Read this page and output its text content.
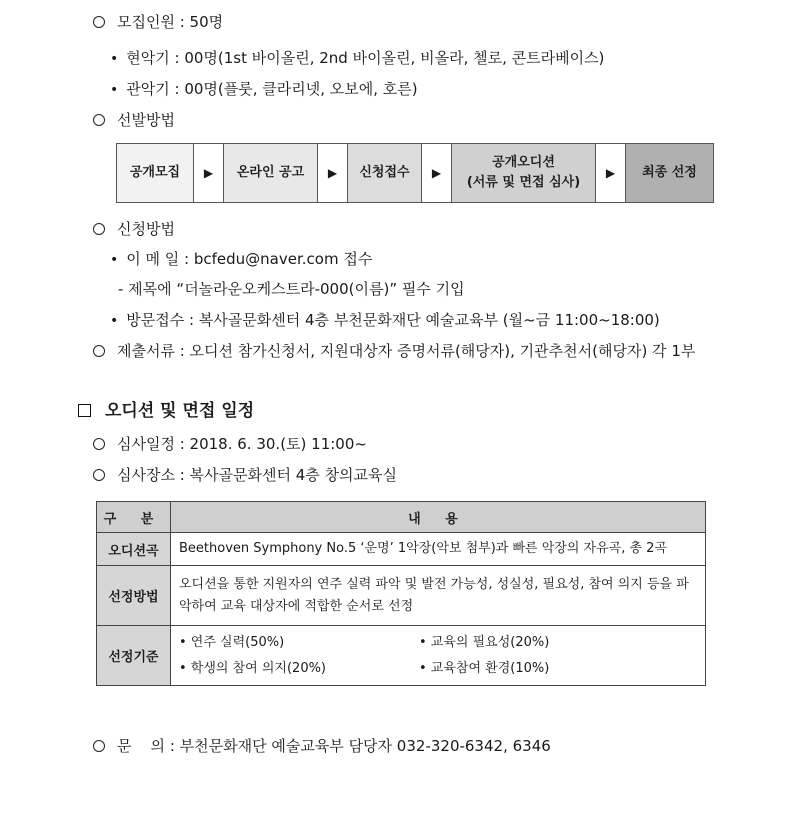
모집인원 : 50명
• 현악기 : 00명(1st 바이올린, 2nd 바이올린, 비올라, 첼로, 콘트라베이스)
• 관악기 : 00명(플룻, 클라리넷, 오보에, 호른)
선발방법
공개모집	▶	온라인 공고	▶	신청접수	▶
공개오디션
(서류 및 면접 심사)
▶	최종 선정
신청방법
• 이 메 일 : bcfedu@naver.com 접수
- 제목에 “더놀라운오케스트라-000(이름)” 필수 기입
• 방문접수 : 복사골문화센터 4층 부천문화재단 예술교육부 (월~금 11:00~18:00)
제출서류 : 오디션 참가신청서, 지원대상자 증명서류(해당자), 기관추천서(해당자) 각 1부
오디션 및 면접 일정
심사일정 : 2018. 6. 30.(토) 11:00~
심사장소 : 복사골문화센터 4층 창의교육실
구 분	내 용
오디션곡	Beethoven Symphony No.5 ‘운명’ 1악장(악보 첨부)과 빠른 악장의 자유곡, 총 2곡
선정방법	오디션을 통한 지원자의 연주 실력 파악 및 발전 가능성, 성실성, 필요성, 참여 의지 등을 파악하여 교육 대상자에 적합한 순서로 선정
선정기준	• 연주 실력(50%) • 교육의 필요성(20%)
• 학생의 참여 의지(20%) • 교육참여 환경(10%)
문    의 : 부천문화재단 예술교육부 담당자 032-320-6342, 6346
